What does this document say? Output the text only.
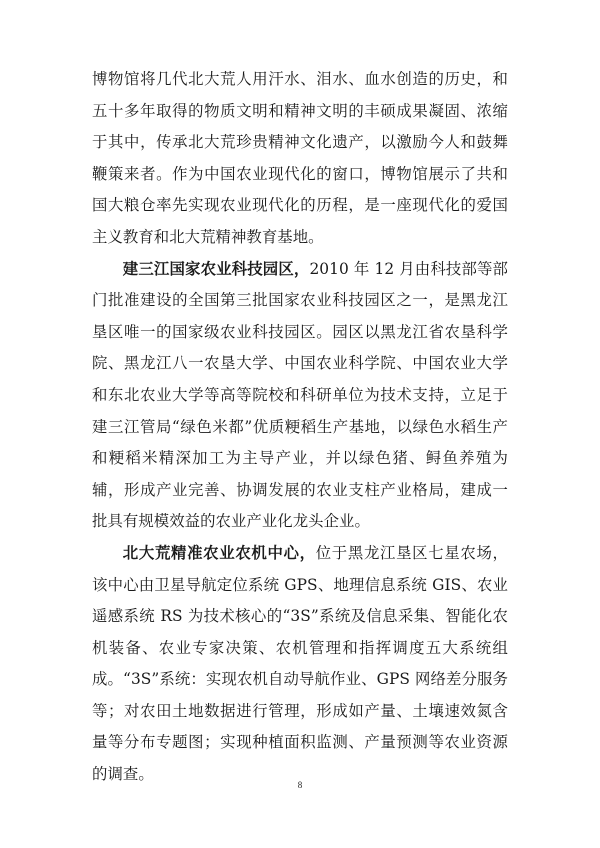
博物馆将几代北大荒人用汗水、泪水、血水创造的历史，和五十多年取得的物质文明和精神文明的丰硕成果凝固、浓缩于其中，传承北大荒珍贵精神文化遗产，以激励今人和鼓舞鞭策来者。作为中国农业现代化的窗口，博物馆展示了共和国大粮仓率先实现农业现代化的历程，是一座现代化的爱国主义教育和北大荒精神教育基地。

建三江国家农业科技园区，2010 年 12 月由科技部等部门批准建设的全国第三批国家农业科技园区之一，是黑龙江垦区唯一的国家级农业科技园区。园区以黑龙江省农垦科学院、黑龙江八一农垦大学、中国农业科学院、中国农业大学和东北农业大学等高等院校和科研单位为技术支持，立足于建三江管局“绿色米都”优质粳稻生产基地，以绿色水稻生产和粳稻米精深加工为主导产业，并以绿色猪、鲟鱼养殖为辅，形成产业完善、协调发展的农业支柱产业格局，建成一批具有规模效益的农业产业化龙头企业。

北大荒精准农业农机中心，位于黑龙江垦区七星农场，该中心由卫星导航定位系统 GPS、地理信息系统 GIS、农业遥感系统 RS 为技术核心的“3S”系统及信息采集、智能化农机装备、农业专家决策、农机管理和指挥调度五大系统组成。“3S”系统：实现农机自动导航作业、GPS 网络差分服务等；对农田土地数据进行管理，形成如产量、土壤速效氮含量等分布专题图；实现种植面积监测、产量预测等农业资源的调查。

8
